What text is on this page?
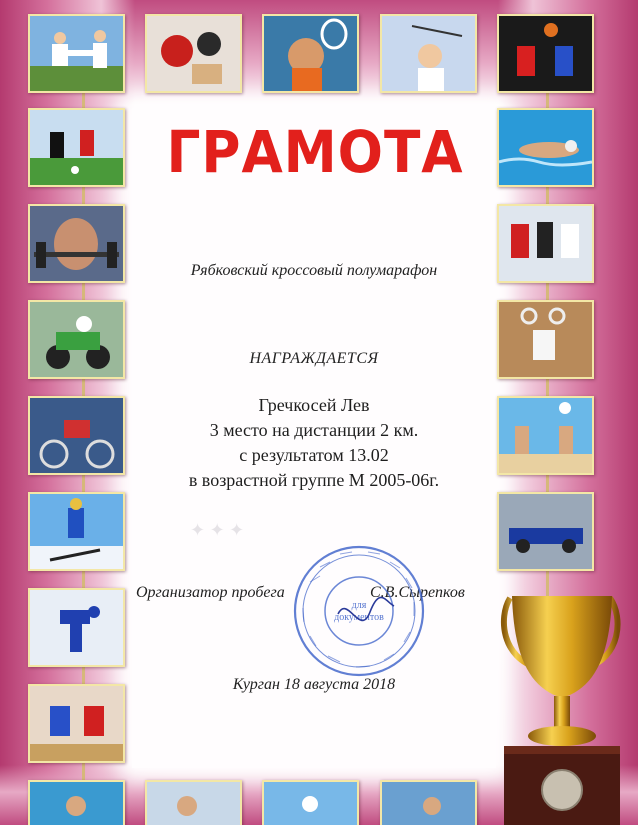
✦ ✦ ✦
ГРАМОТА
Рябковский кроссовый полумарафон
НАГРАЖДАЕТСЯ
Гречкосей Лев
3 место на дистанции 2 км.
с результатом 13.02
в возрастной группе М 2005-06г.
Организатор пробега	С.В.Сырепков
Курган 18 августа 2018
для
документов
